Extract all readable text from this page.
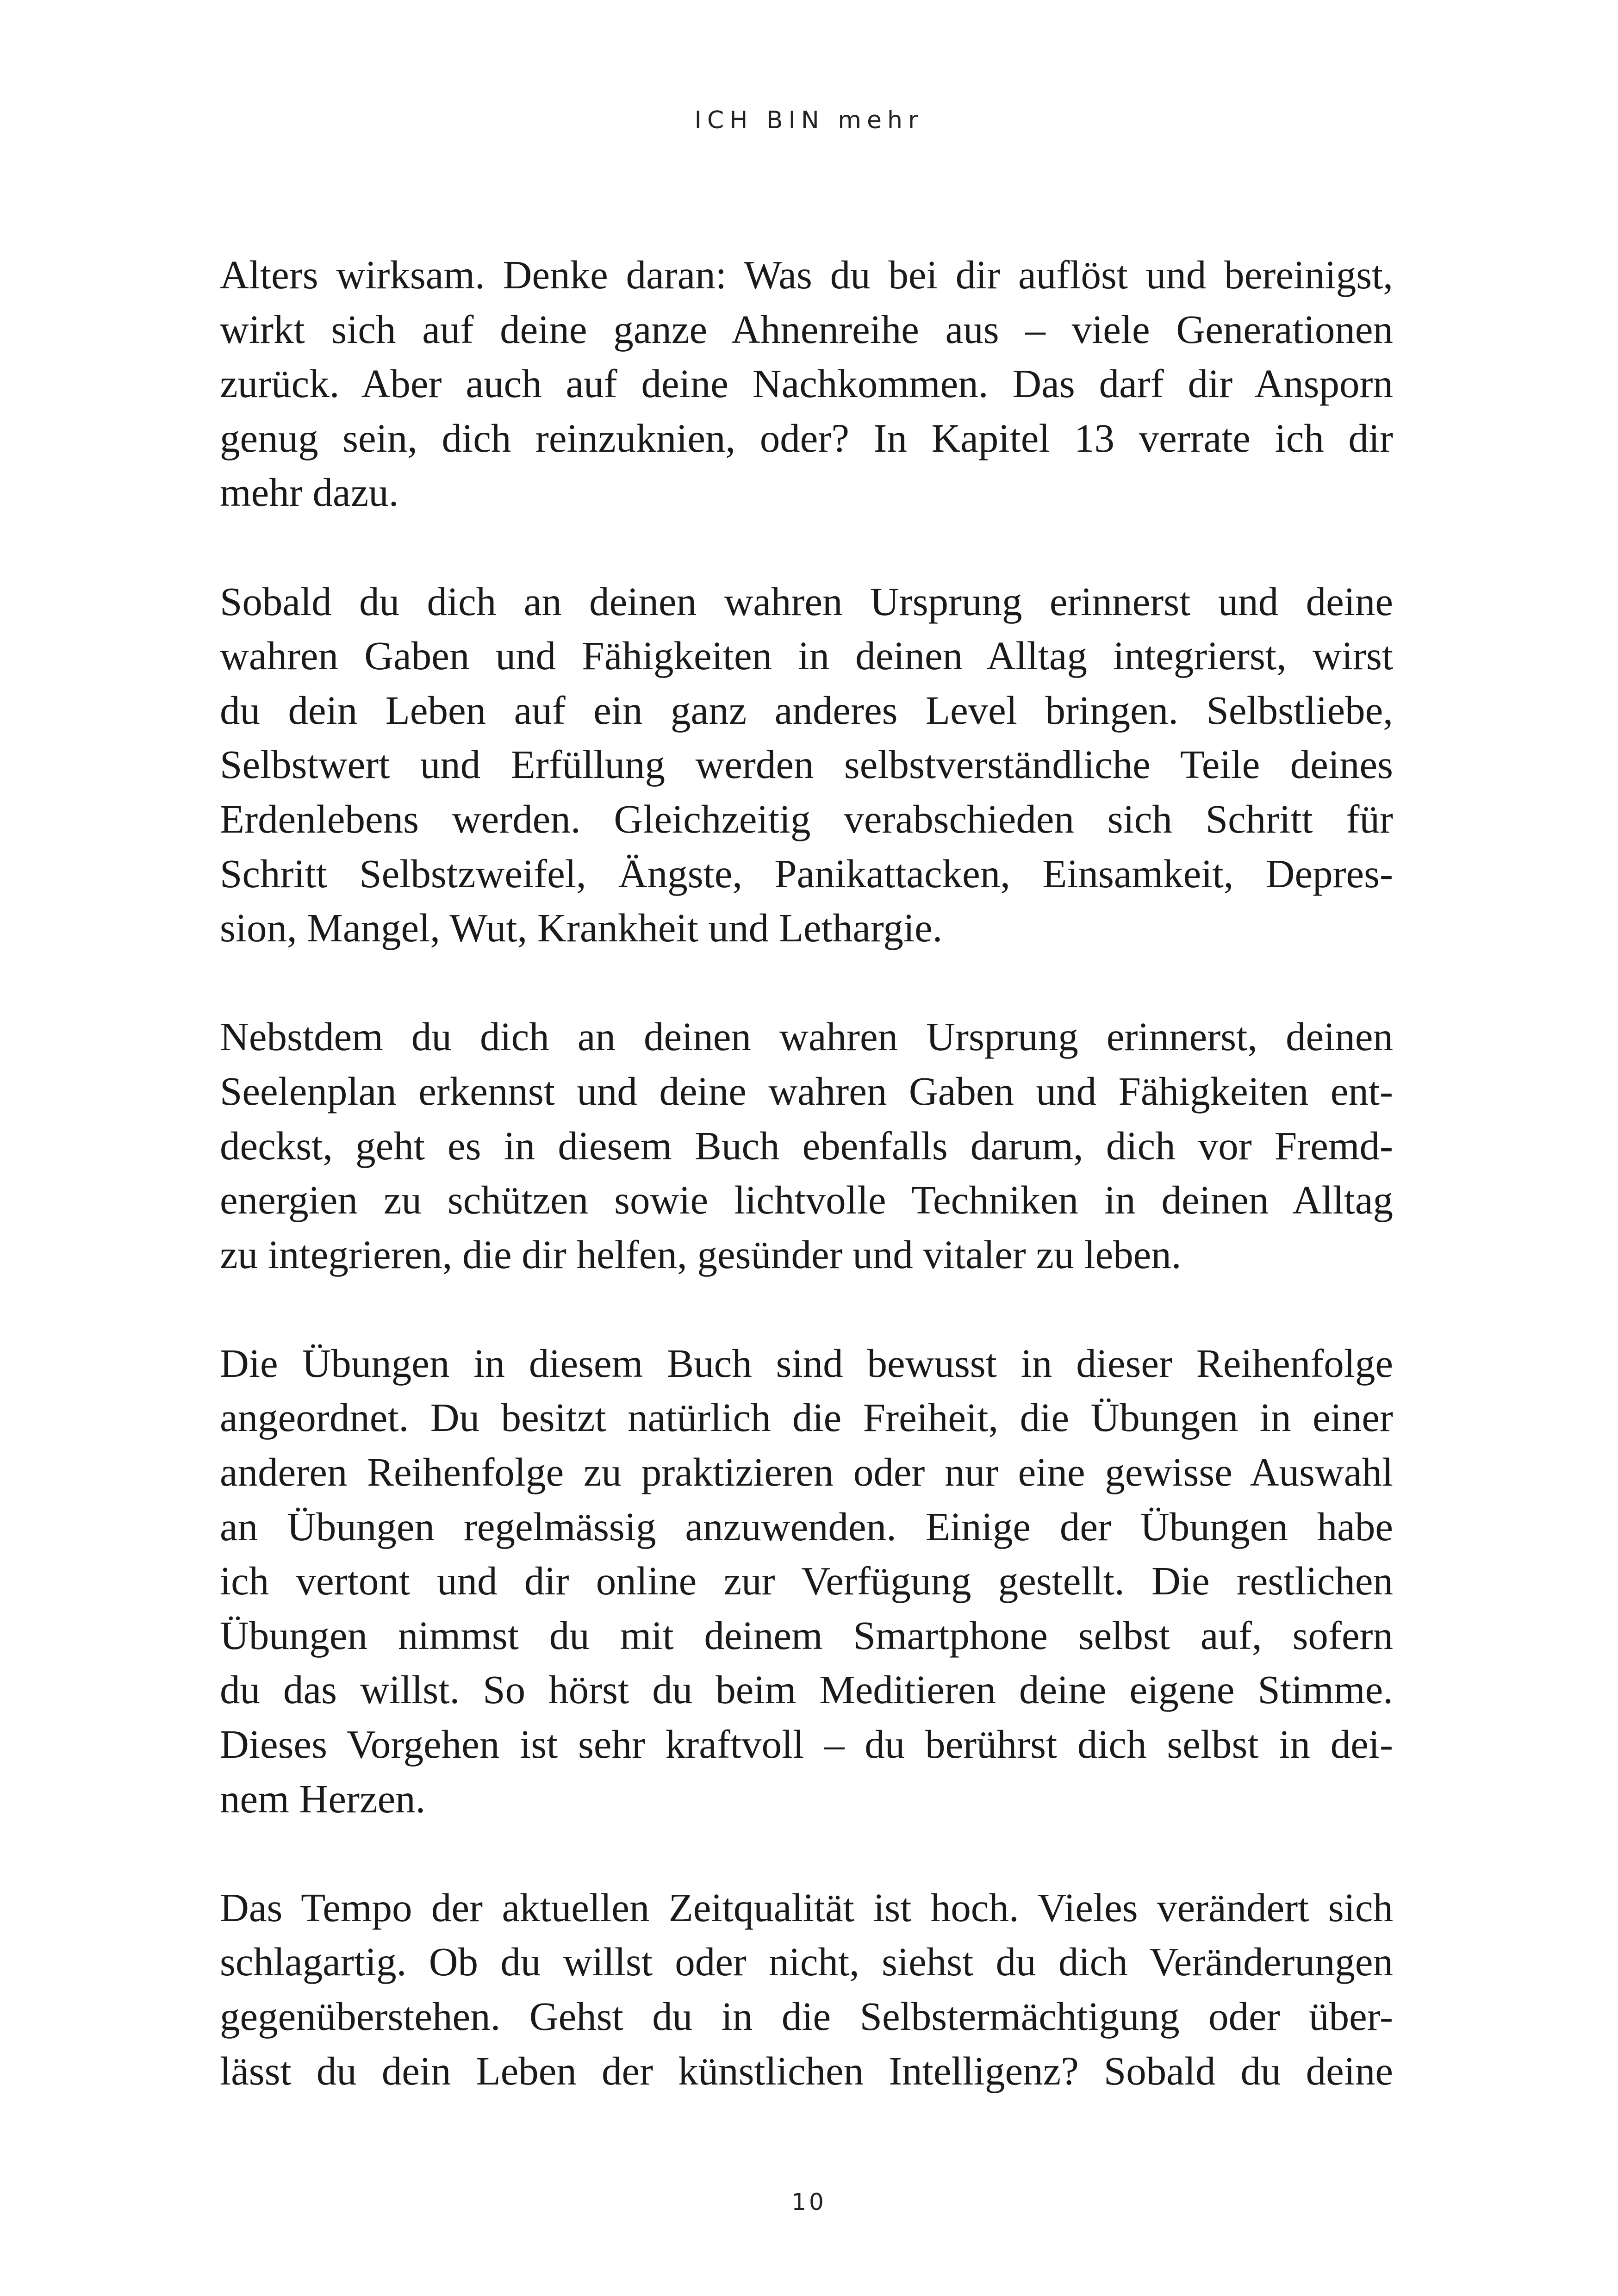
ICH BIN mehr
Alters wirksam. Denke daran: Was du bei dir auflöst und bereinigst,
wirkt sich auf deine ganze Ahnenreihe aus – viele Generationen
zurück. Aber auch auf deine Nachkommen. Das darf dir Ansporn
genug sein, dich reinzuknien, oder? In Kapitel 13 verrate ich dir
mehr dazu.
Sobald du dich an deinen wahren Ursprung erinnerst und deine
wahren Gaben und Fähigkeiten in deinen Alltag integrierst, wirst
du dein Leben auf ein ganz anderes Level bringen. Selbstliebe,
Selbstwert und Erfüllung werden selbstverständliche Teile deines
Erdenlebens werden. Gleichzeitig verabschieden sich Schritt für
Schritt Selbstzweifel, Ängste, Panikattacken, Einsamkeit, Depres-
sion, Mangel, Wut, Krankheit und Lethargie.
Nebstdem du dich an deinen wahren Ursprung erinnerst, deinen
Seelenplan erkennst und deine wahren Gaben und Fähigkeiten ent-
deckst, geht es in diesem Buch ebenfalls darum, dich vor Fremd-
energien zu schützen sowie lichtvolle Techniken in deinen Alltag
zu integrieren, die dir helfen, gesünder und vitaler zu leben.
Die Übungen in diesem Buch sind bewusst in dieser Reihenfolge
angeordnet. Du besitzt natürlich die Freiheit, die Übungen in einer
anderen Reihenfolge zu praktizieren oder nur eine gewisse Auswahl
an Übungen regelmässig anzuwenden. Einige der Übungen habe
ich vertont und dir online zur Verfügung gestellt. Die restlichen
Übungen nimmst du mit deinem Smartphone selbst auf, sofern
du das willst. So hörst du beim Meditieren deine eigene Stimme.
Dieses Vorgehen ist sehr kraftvoll – du berührst dich selbst in dei-
nem Herzen.
Das Tempo der aktuellen Zeitqualität ist hoch. Vieles verändert sich
schlagartig. Ob du willst oder nicht, siehst du dich Veränderungen
gegenüberstehen. Gehst du in die Selbstermächtigung oder über-
lässt du dein Leben der künstlichen Intelligenz? Sobald du deine
10
